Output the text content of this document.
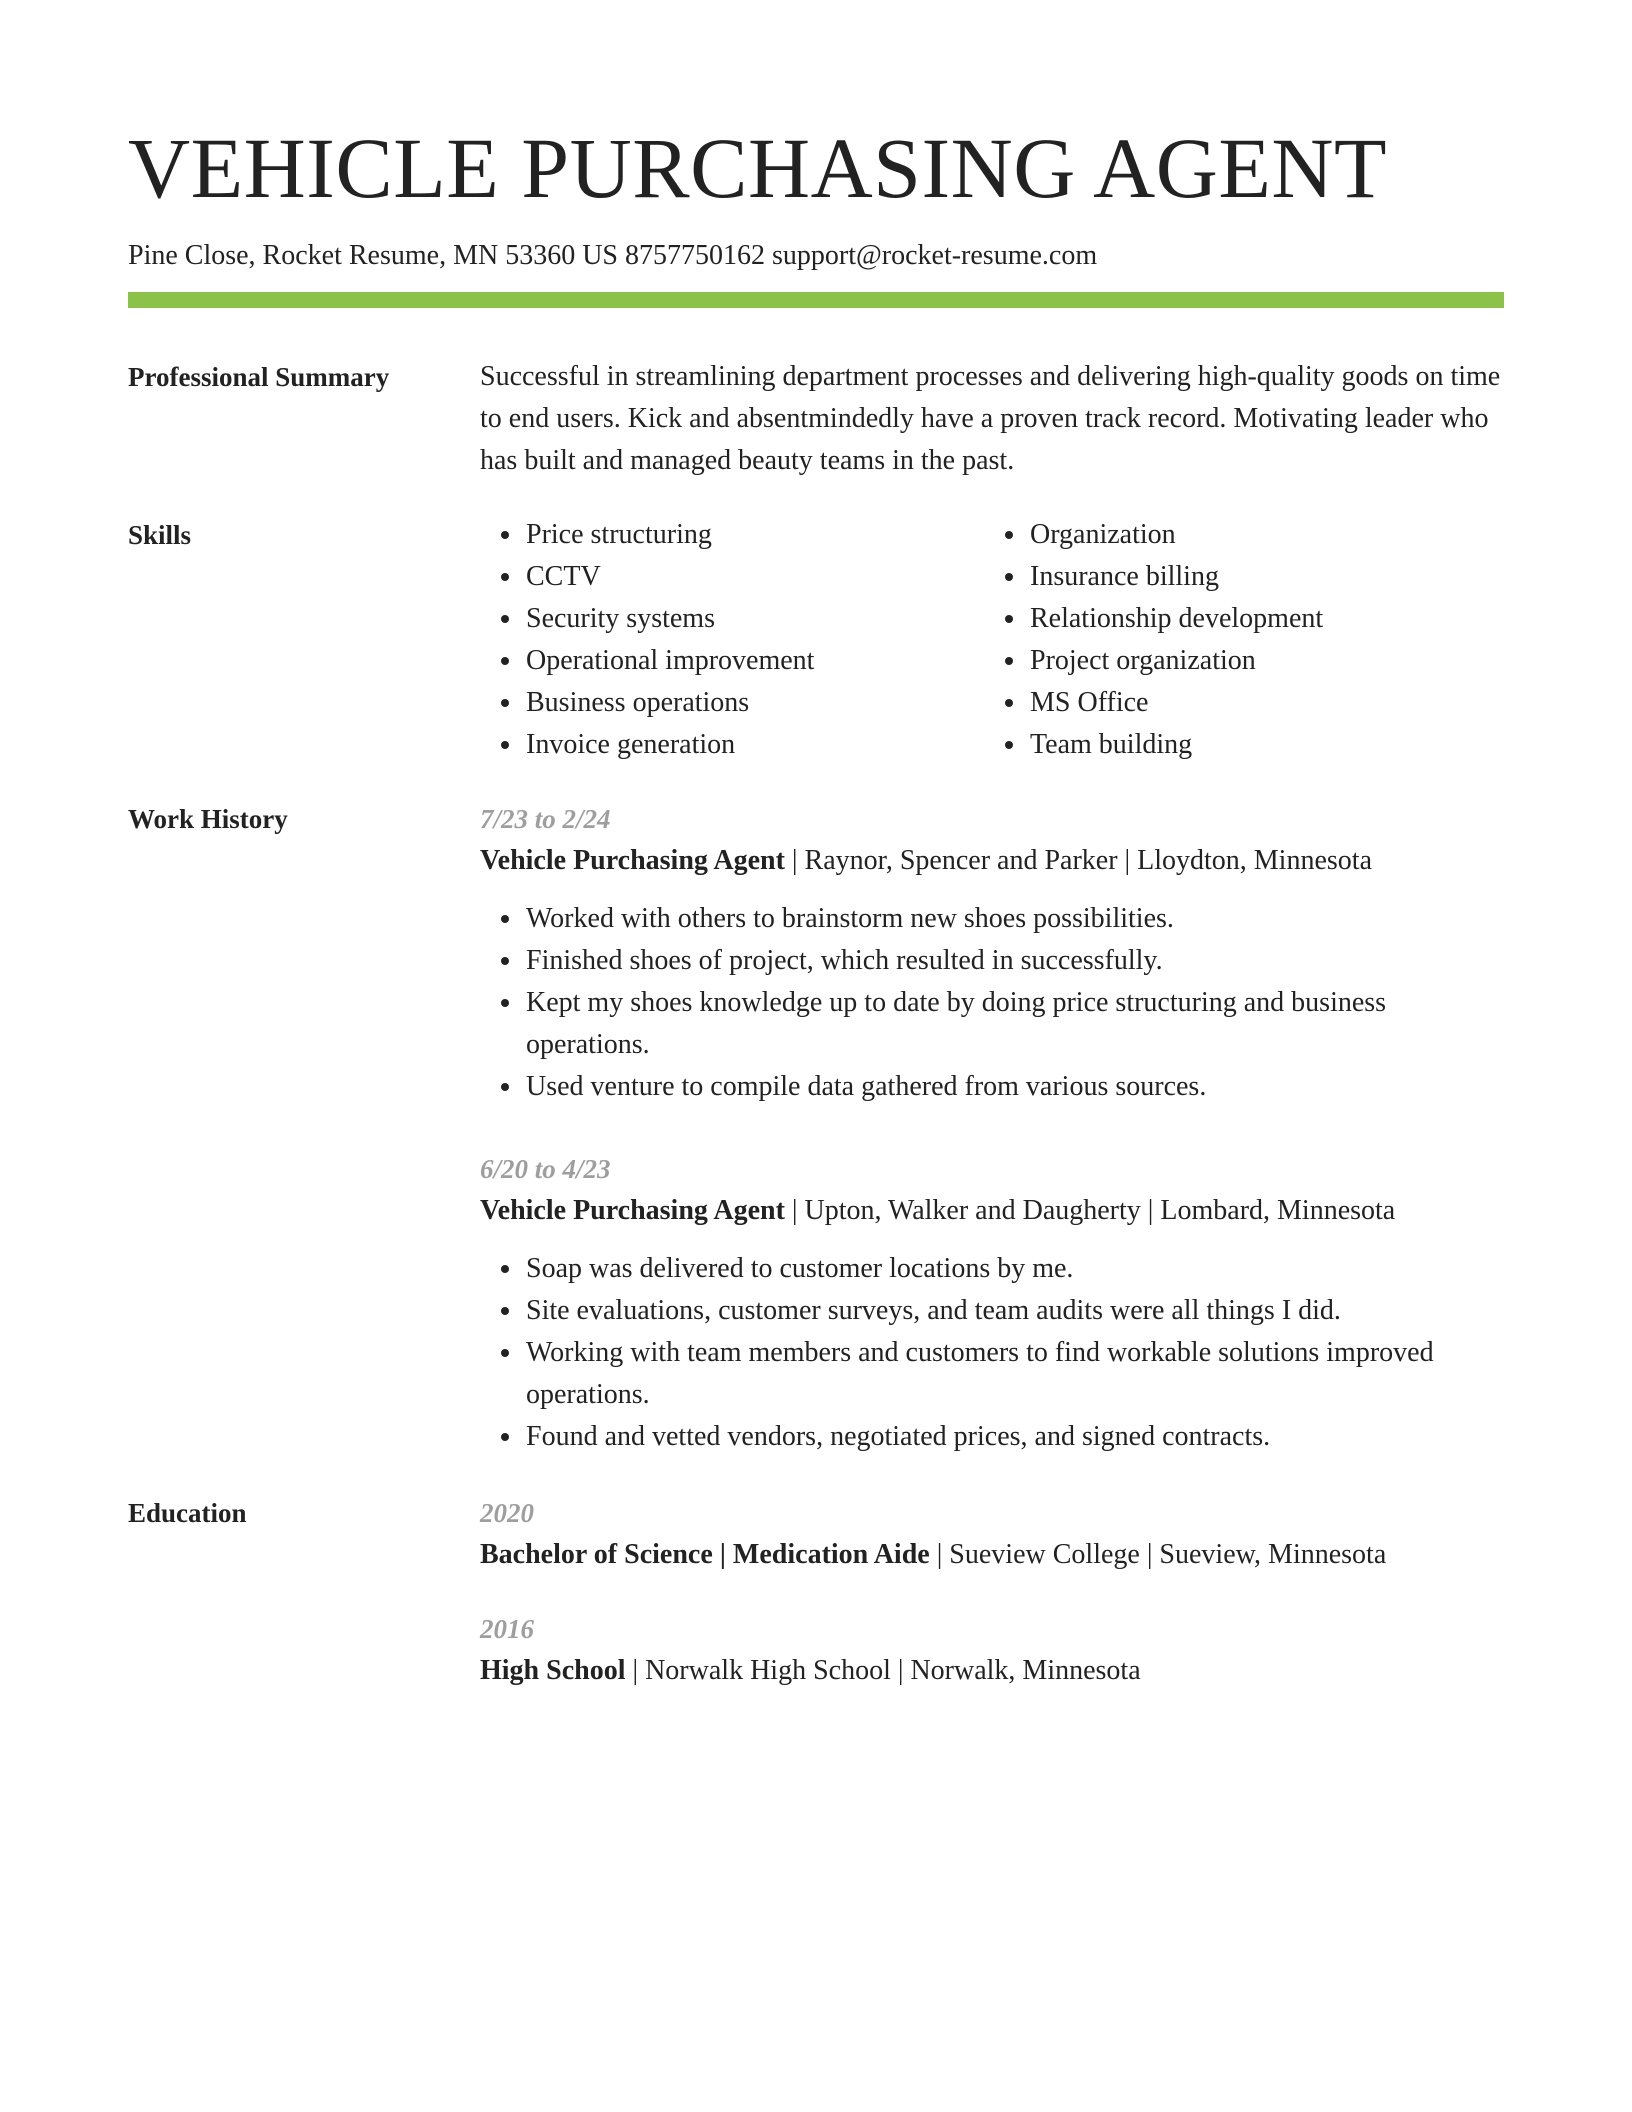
VEHICLE PURCHASING AGENT
Pine Close, Rocket Resume, MN 53360 US 8757750162 support@rocket-resume.com
Professional Summary	Successful in streamlining department processes and delivering high-quality goods on time to end users. Kick and absentmindedly have a proven track record. Motivating leader who has built and managed beauty teams in the past.
Skills
•	Price structuring
• CCTV
• Security systems
• Operational improvement
• Business operations
• Invoice generation
• Organization
• Insurance billing
• Relationship development
• Project organization
• MS Office
• Team building
Work History	7/23 to 2/24
Vehicle Purchasing Agent | Raynor, Spencer and Parker | Lloydton, Minnesota
• Worked with others to brainstorm new shoes possibilities.
• Finished shoes of project, which resulted in successfully.
• Kept my shoes knowledge up to date by doing price structuring and business operations.
• Used venture to compile data gathered from various sources.
6/20 to 4/23
Vehicle Purchasing Agent | Upton, Walker and Daugherty | Lombard, Minnesota
• Soap was delivered to customer locations by me.
• Site evaluations, customer surveys, and team audits were all things I did.
• Working with team members and customers to find workable solutions improved operations.
• Found and vetted vendors, negotiated prices, and signed contracts.
Education	2020
Bachelor of Science | Medication Aide | Sueview College | Sueview, Minnesota
2016
High School | Norwalk High School | Norwalk, Minnesota
